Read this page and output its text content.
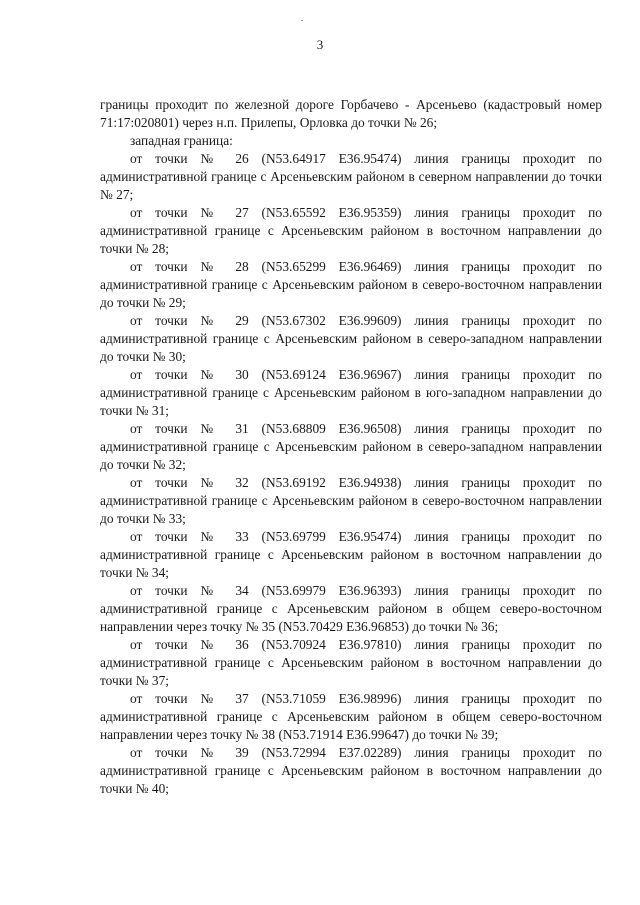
3

границы проходит по железной дороге Горбачево - Арсеньево (кадастровый номер 71:17:020801) через н.п. Прилепы, Орловка до точки № 26;

западная граница:

от точки № 26 (N53.64917 E36.95474) линия границы проходит по административной границе с Арсеньевским районом в северном направлении до точки № 27;

от точки № 27 (N53.65592 E36.95359) линия границы проходит по административной границе с Арсеньевским районом в восточном направлении до точки № 28;

от точки № 28 (N53.65299 E36.96469) линия границы проходит по административной границе с Арсеньевским районом в северо-восточном направлении до точки № 29;

от точки № 29 (N53.67302 E36.99609) линия границы проходит по административной границе с Арсеньевским районом в северо-западном направлении до точки № 30;

от точки № 30 (N53.69124 E36.96967) линия границы проходит по административной границе с Арсеньевским районом в юго-западном направлении до точки № 31;

от точки № 31 (N53.68809 E36.96508) линия границы проходит по административной границе с Арсеньевским районом в северо-западном направлении до точки № 32;

от точки № 32 (N53.69192 E36.94938) линия границы проходит по административной границе с Арсеньевским районом в северо-восточном направлении до точки № 33;

от точки № 33 (N53.69799 E36.95474) линия границы проходит по административной границе с Арсеньевским районом в восточном направлении до точки № 34;

от точки № 34 (N53.69979 E36.96393) линия границы проходит по административной границе с Арсеньевским районом в общем северо-восточном направлении через точку № 35 (N53.70429 E36.96853) до точки № 36;

от точки № 36 (N53.70924 E36.97810) линия границы проходит по административной границе с Арсеньевским районом в восточном направлении до точки № 37;

от точки № 37 (N53.71059 E36.98996) линия границы проходит по административной границе с Арсеньевским районом в общем северо-восточном направлении через точку № 38 (N53.71914 E36.99647) до точки № 39;

от точки № 39 (N53.72994 E37.02289) линия границы проходит по административной границе с Арсеньевским районом в восточном направлении до точки № 40;
